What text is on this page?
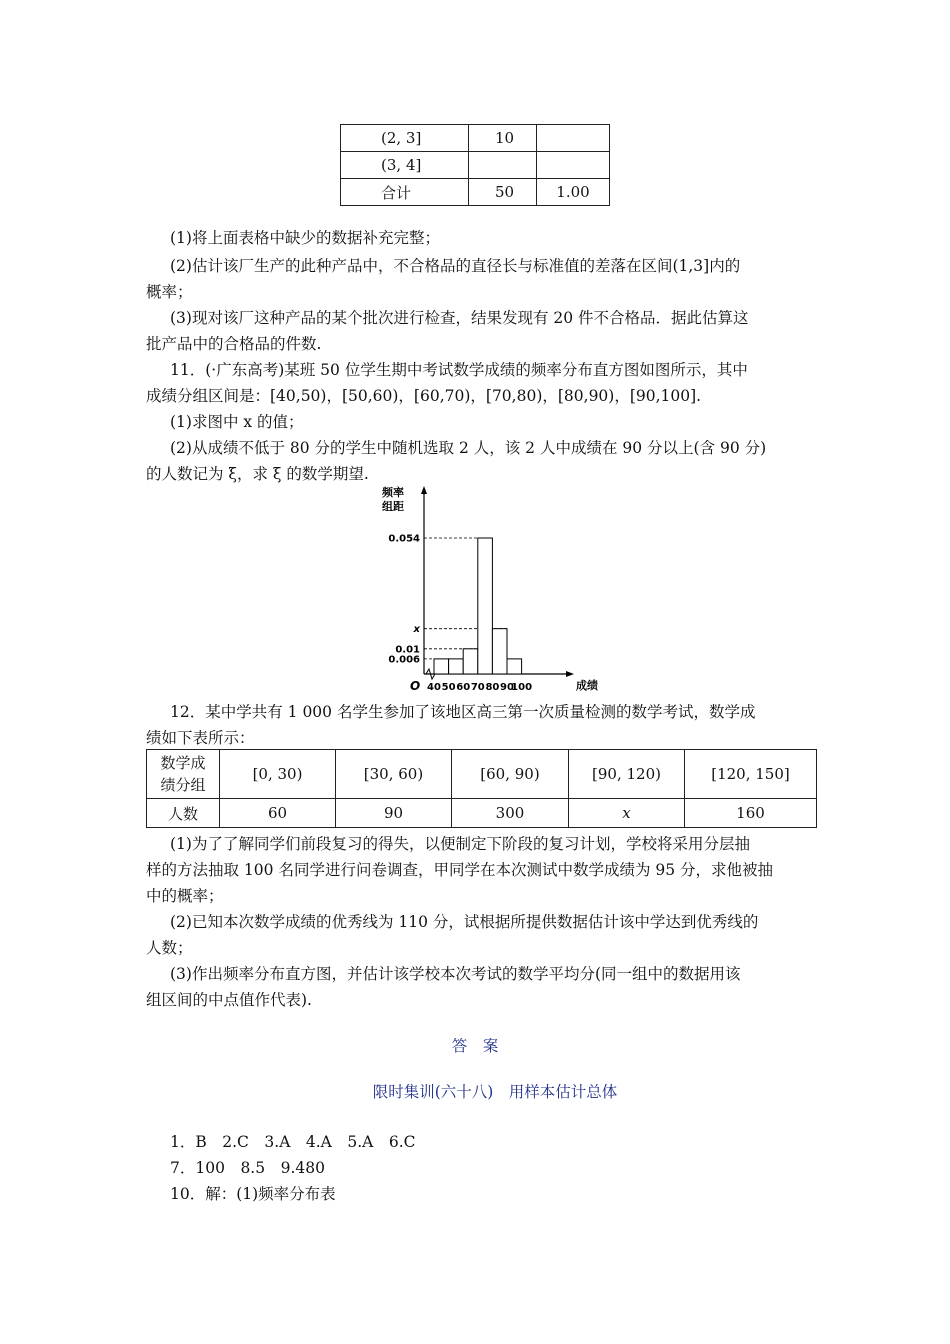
(2, 3]	10	
(3, 4]		
合计	50	1.00

(1)将上面表格中缺少的数据补充完整；

(2)估计该厂生产的此种产品中，不合格品的直径长与标准值的差落在区间(1,3]内的

概率；

(3)现对该厂这种产品的某个批次进行检查，结果发现有 20 件不合格品．据此估算这

批产品中的合格品的件数.

11．(·广东高考)某班 50 位学生期中考试数学成绩的频率分布直方图如图所示，其中

成绩分组区间是：[40,50)，[50,60)，[60,70)，[70,80)，[80,90)，[90,100].

(1)求图中 x 的值；

(2)从成绩不低于 80 分的学生中随机选取 2 人，该 2 人中成绩在 90 分以上(含 90 分)

的人数记为 ξ，求 ξ 的数学期望.

频率
组距
成绩
O
0.054
x
0.01
0.006
40 50 60 70 80 90
100

12．某中学共有 1 000 名学生参加了该地区高三第一次质量检测的数学考试，数学成

绩如下表所示：

数学成
绩分组	[0, 30)	[30, 60)	[60, 90)	[90, 120)	[120, 150]
人数	60	90	300	x	160

(1)为了了解同学们前段复习的得失，以便制定下阶段的复习计划，学校将采用分层抽

样的方法抽取 100 名同学进行问卷调查，甲同学在本次测试中数学成绩为 95 分，求他被抽

中的概率；

(2)已知本次数学成绩的优秀线为 110 分，试根据所提供数据估计该中学达到优秀线的

人数；

(3)作出频率分布直方图，并估计该学校本次考试的数学平均分(同一组中的数据用该

组区间的中点值作代表).

答　案

限时集训(六十八)　用样本估计总体

1．B　2.C　3.A　4.A　5.A　6.C

7．100　8.5　9.480

10．解：(1)频率分布表
